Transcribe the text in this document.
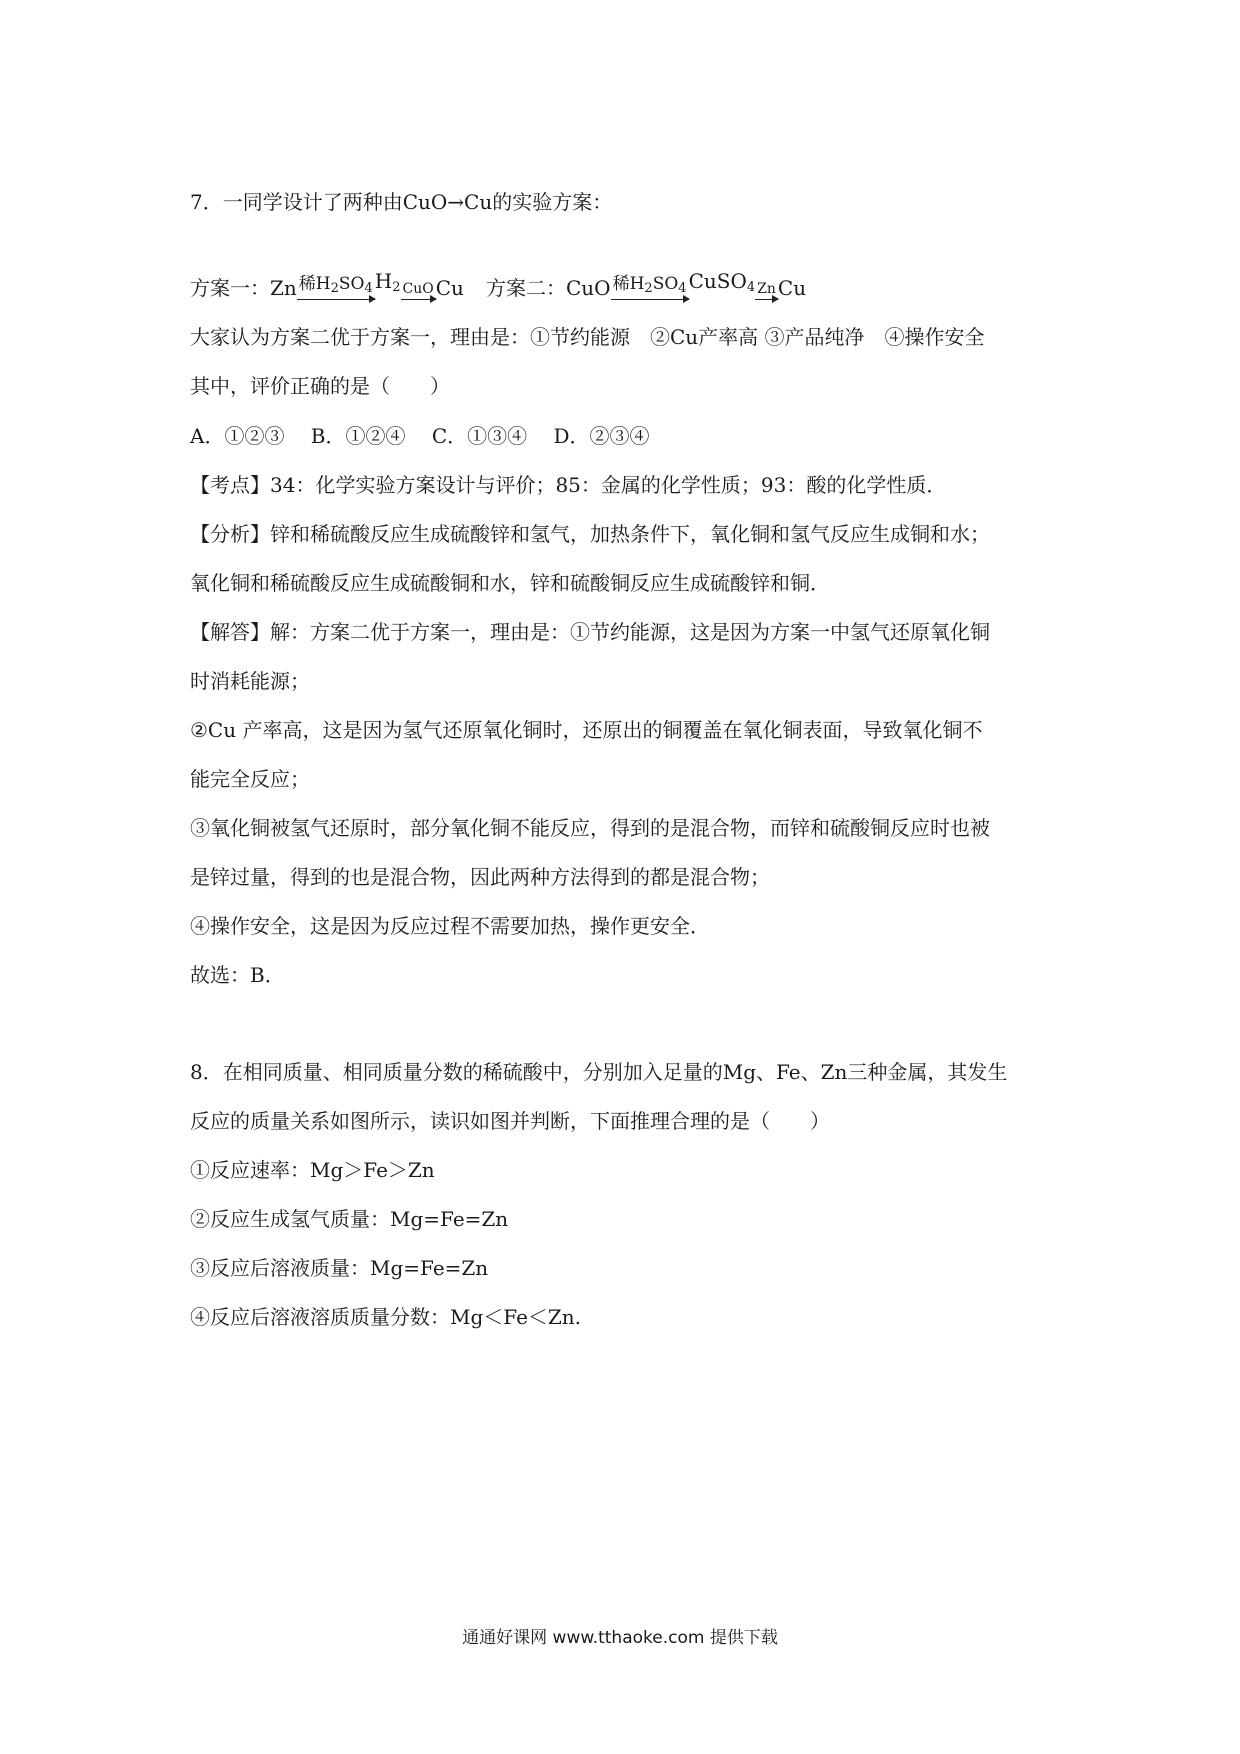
7．一同学设计了两种由CuO→Cu的实验方案：
方案一： Zn 稀$H_2SO_4$ $H_2$ CuO Cu 方案二： CuO 稀$H_2SO_4$ CuSO$_4$ Zn Cu
大家认为方案二优于方案一，理由是：①节约能源　②Cu产率高 ③产品纯净　④操作安全
其中，评价正确的是（　　）
A．①②③　 B．①②④　 C．①③④　 D．②③④
【考点】34：化学实验方案设计与评价；85：金属的化学性质；93：酸的化学性质．
【分析】锌和稀硫酸反应生成硫酸锌和氢气，加热条件下，氧化铜和氢气反应生成铜和水；
氧化铜和稀硫酸反应生成硫酸铜和水，锌和硫酸铜反应生成硫酸锌和铜．
【解答】解：方案二优于方案一，理由是：①节约能源，这是因为方案一中氢气还原氧化铜
时消耗能源；
②Cu 产率高，这是因为氢气还原氧化铜时，还原出的铜覆盖在氧化铜表面，导致氧化铜不
能完全反应；
③氧化铜被氢气还原时，部分氧化铜不能反应，得到的是混合物，而锌和硫酸铜反应时也被
是锌过量，得到的也是混合物，因此两种方法得到的都是混合物；
④操作安全，这是因为反应过程不需要加热，操作更安全．
故选：B．
8．在相同质量、相同质量分数的稀硫酸中，分别加入足量的Mg、Fe、Zn三种金属，其发生
反应的质量关系如图所示，读识如图并判断，下面推理合理的是（　　）
①反应速率：Mg＞Fe＞Zn
②反应生成氢气质量：Mg=Fe=Zn
③反应后溶液质量：Mg=Fe=Zn
④反应后溶液溶质质量分数：Mg＜Fe＜Zn.
通通好课网 www.tthaoke.com 提供下载
